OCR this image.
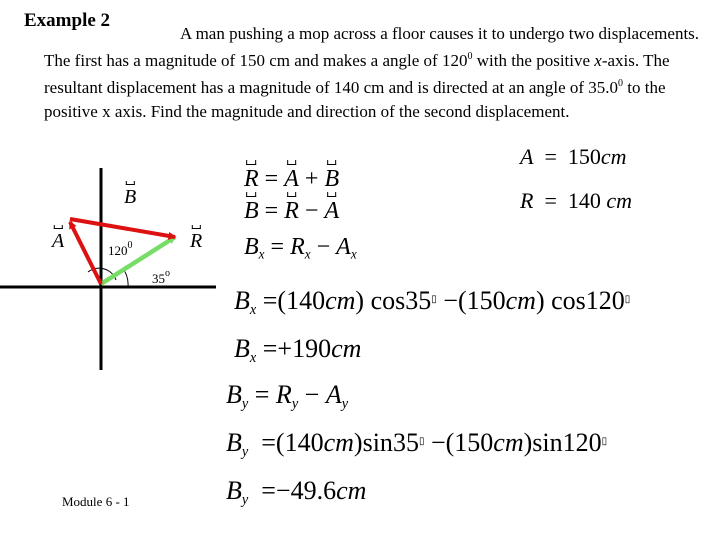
Example 2
A man pushing a mop across a floor causes it to undergo two displacements. The first has a magnitude of 150 cm and makes a angle of $120^0$ with the positive x-axis. The resultant displacement has a magnitude of 140 cm and is directed at an angle of 35.0$^0$ to the positive x axis. Find the magnitude and direction of the second displacement.
B
A	R
$120^0$
35$^o$
A = 150cm
R = 140 cm
R = A + B
B = R − A
$B_x = R_x - A_x$
$B_x =(140cm)$ cos35▯ −(150cm) cos120▯
$B_x =+190cm$
$B_y = R_y - A_y$
$B_y =(140cm)\sin 35^▯ -(150cm)\sin 120^▯$
$B_y =-49.6cm$
Module 6 - 1
